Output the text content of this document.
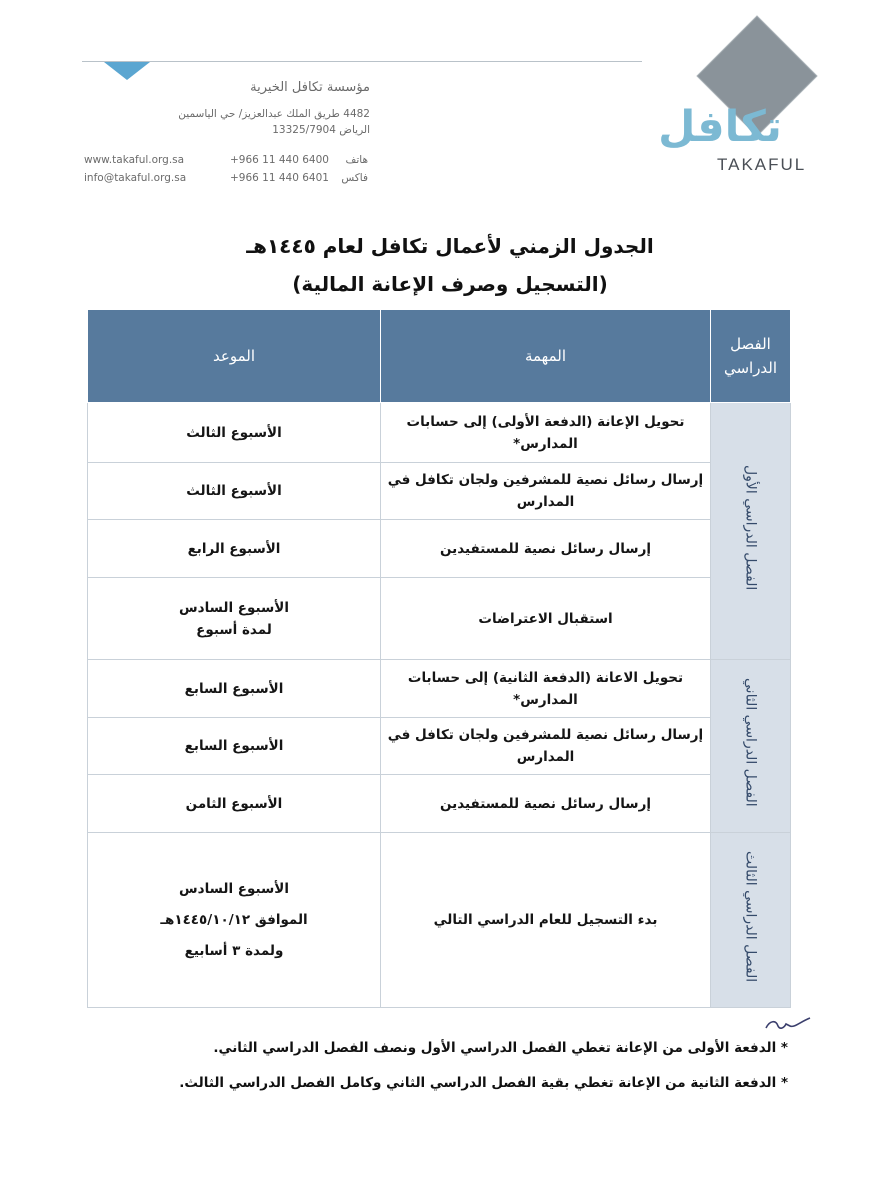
تكافل
TAKAFUL
مؤسسة تكافل الخيرية
4482 طريق الملك عبدالعزيز/ حي الياسمين
الرياض 13325/7904
www.takaful.org.sa
info@takaful.org.sa
+966 11 440 6400
+966 11 440 6401
هاتف
فاكس
الجدول الزمني لأعمال تكافل لعام ١٤٤٥هـ
(التسجيل وصرف الإعانة المالية)
الفصل
الدراسي	المهمة	الموعد
الفصل الدراسي الأول	تحويل الإعانة (الدفعة الأولى) إلى حسابات المدارس*	الأسبوع الثالث
	إرسال رسائل نصية للمشرفين ولجان تكافل في المدارس	الأسبوع الثالث
	إرسال رسائل نصية للمستفيدين	الأسبوع الرابع
	استقبال الاعتراضات	الأسبوع السادس
لمدة أسبوع
الفصل الدراسي الثاني	تحويل الاعانة (الدفعة الثانية) إلى حسابات المدارس*	الأسبوع السابع
	إرسال رسائل نصية للمشرفين ولجان تكافل في المدارس	الأسبوع السابع
	إرسال رسائل نصية للمستفيدين	الأسبوع الثامن
الفصل الدراسي الثالث	بدء التسجيل للعام الدراسي التالي	الأسبوع السادس
الموافق ١٤٤٥/١٠/١٢هـ
ولمدة ٣ أسابيع
* الدفعة الأولى من الإعانة تغطي الفصل الدراسي الأول ونصف الفصل الدراسي الثاني.
* الدفعة الثانية من الإعانة تغطي بقية الفصل الدراسي الثاني وكامل الفصل الدراسي الثالث.
